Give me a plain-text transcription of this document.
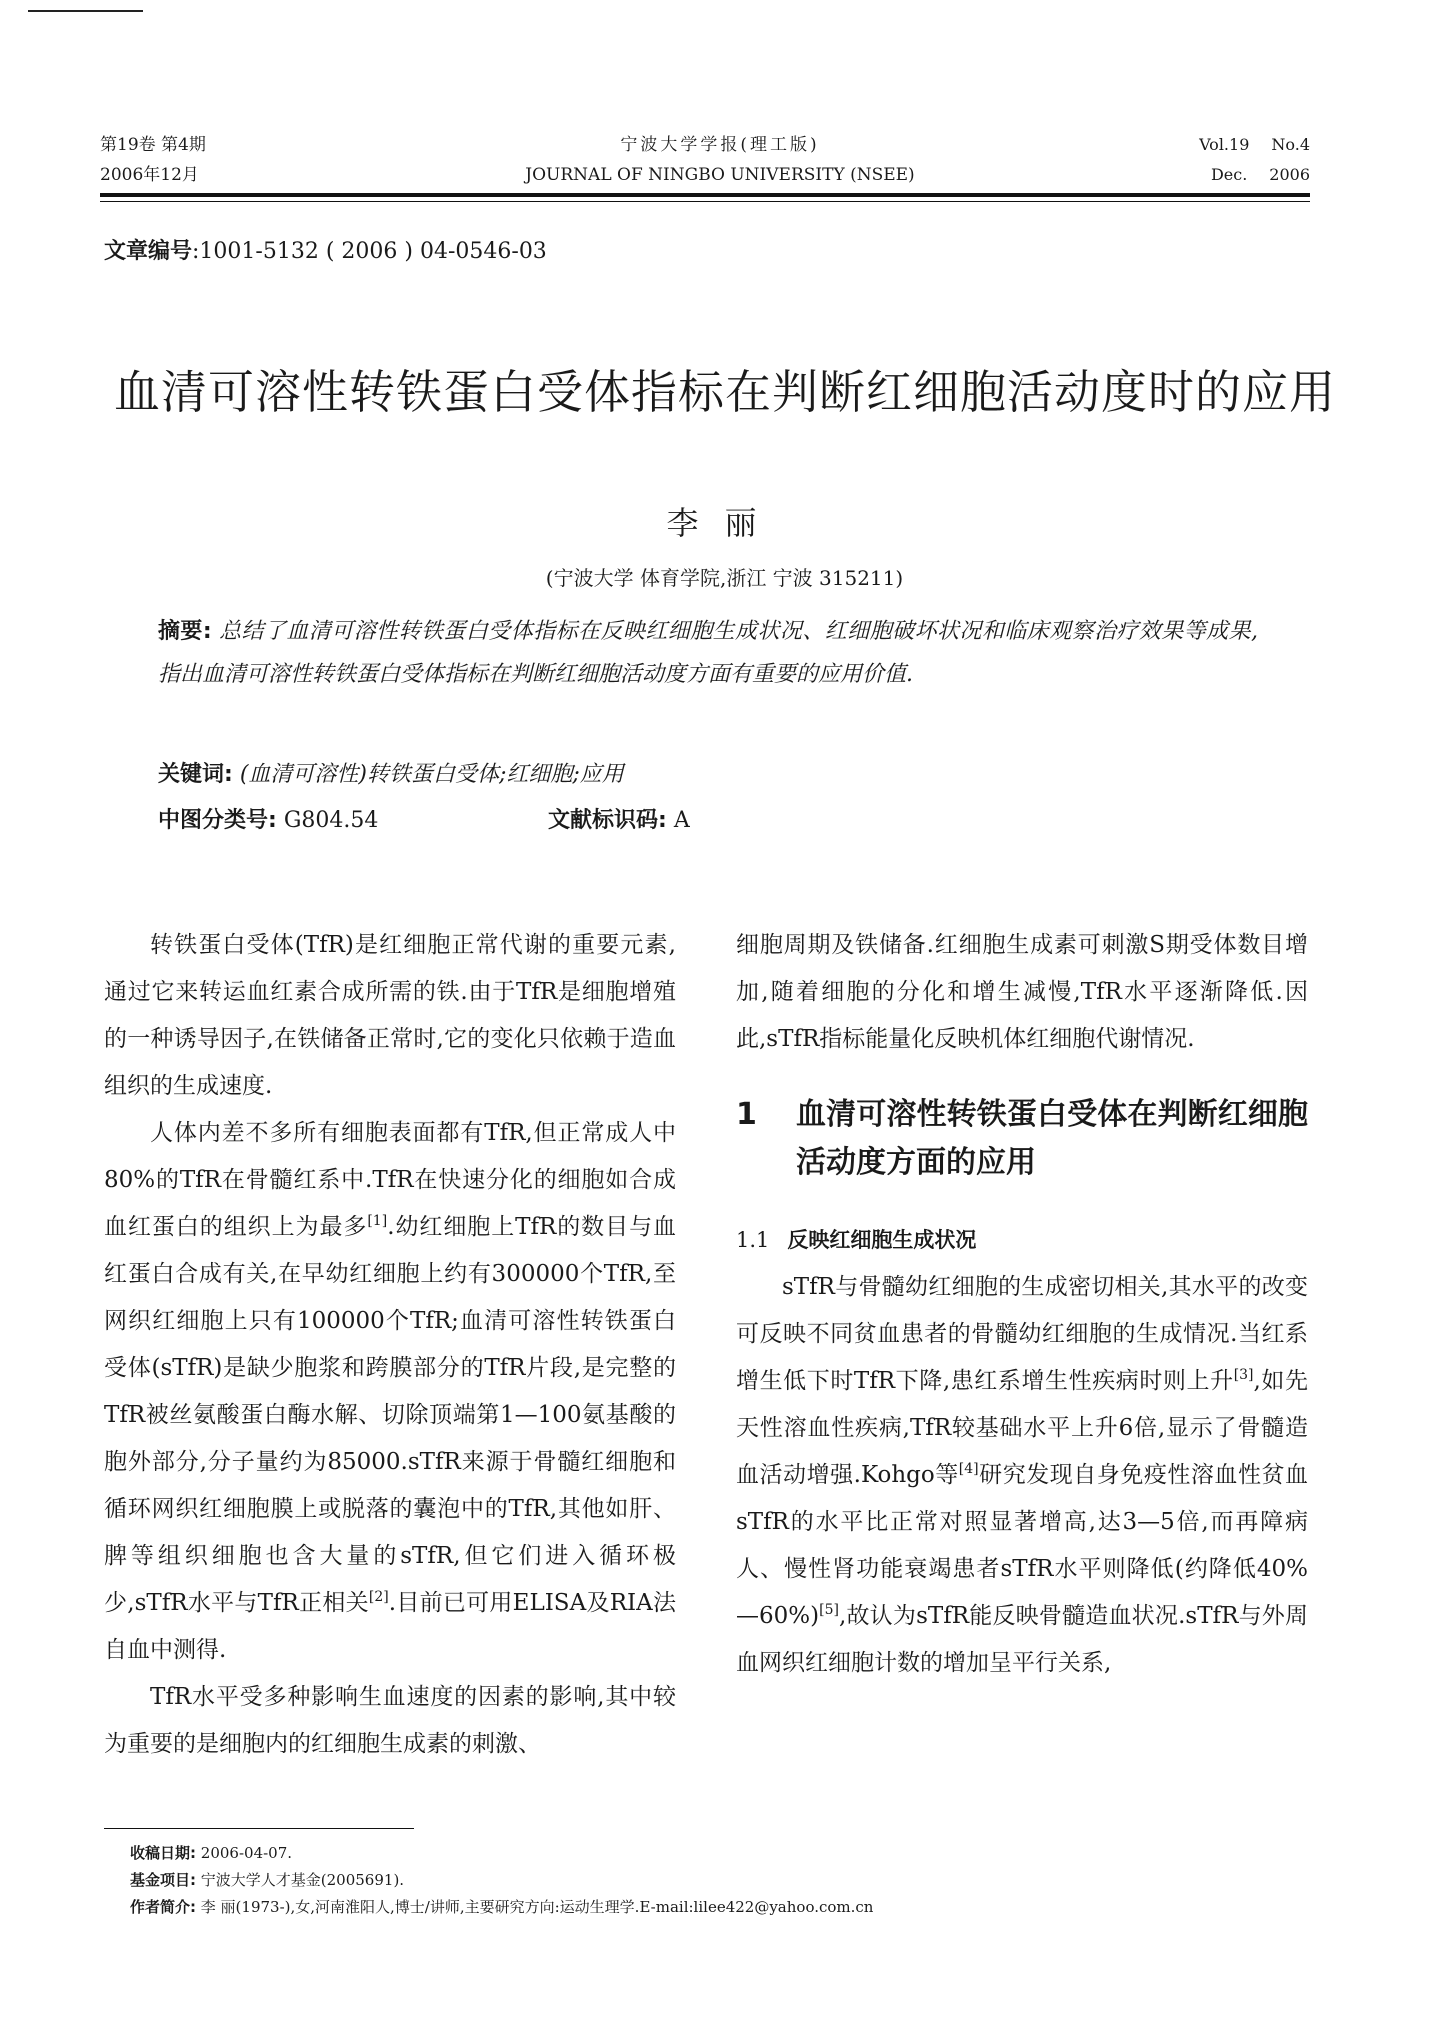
第19卷 第4期
2006年12月
宁波大学学报(理工版)
JOURNAL OF NINGBO UNIVERSITY (NSEE)
Vol.19 No.4
Dec. 2006
文章编号:1001-5132 ( 2006 ) 04-0546-03
血清可溶性转铁蛋白受体指标在判断红细胞活动度时的应用
李丽
(宁波大学 体育学院,浙江 宁波 315211)
摘要: 总结了血清可溶性转铁蛋白受体指标在反映红细胞生成状况、红细胞破坏状况和临床观察治疗效果等成果,指出血清可溶性转铁蛋白受体指标在判断红细胞活动度方面有重要的应用价值.
关键词: (血清可溶性)转铁蛋白受体;红细胞;应用
中图分类号: G804.54	文献标识码: A

转铁蛋白受体(TfR)是红细胞正常代谢的重要元素,通过它来转运血红素合成所需的铁.由于TfR是细胞增殖的一种诱导因子,在铁储备正常时,它的变化只依赖于造血组织的生成速度.

人体内差不多所有细胞表面都有TfR,但正常成人中80%的TfR在骨髓红系中.TfR在快速分化的细胞如合成血红蛋白的组织上为最多[1].幼红细胞上TfR的数目与血红蛋白合成有关,在早幼红细胞上约有300000个TfR,至网织红细胞上只有100000个TfR;血清可溶性转铁蛋白受体(sTfR)是缺少胞浆和跨膜部分的TfR片段,是完整的TfR被丝氨酸蛋白酶水解、切除顶端第1—100氨基酸的胞外部分,分子量约为85000.sTfR来源于骨髓红细胞和循环网织红细胞膜上或脱落的囊泡中的TfR,其他如肝、脾等组织细胞也含大量的sTfR,但它们进入循环极少,sTfR水平与TfR正相关[2].目前已可用ELISA及RIA法自血中测得.

TfR水平受多种影响生血速度的因素的影响,其中较为重要的是细胞内的红细胞生成素的刺激、

细胞周期及铁储备.红细胞生成素可刺激S期受体数目增加,随着细胞的分化和增生减慢,TfR水平逐渐降低.因此,sTfR指标能量化反映机体红细胞代谢情况.

1	血清可溶性转铁蛋白受体在判断红细胞活动度方面的应用
1.1 反映红细胞生成状况

sTfR与骨髓幼红细胞的生成密切相关,其水平的改变可反映不同贫血患者的骨髓幼红细胞的生成情况.当红系增生低下时TfR下降,患红系增生性疾病时则上升[3],如先天性溶血性疾病,TfR较基础水平上升6倍,显示了骨髓造血活动增强.Kohgo等[4]研究发现自身免疫性溶血性贫血sTfR的水平比正常对照显著增高,达3—5倍,而再障病人、慢性肾功能衰竭患者sTfR水平则降低(约降低40%—60%)[5],故认为sTfR能反映骨髓造血状况.sTfR与外周血网织红细胞计数的增加呈平行关系,

收稿日期: 2006-04-07.
基金项目: 宁波大学人才基金(2005691).
作者简介: 李 丽(1973-),女,河南淮阳人,博士/讲师,主要研究方向:运动生理学.E-mail:lilee422@yahoo.com.cn
